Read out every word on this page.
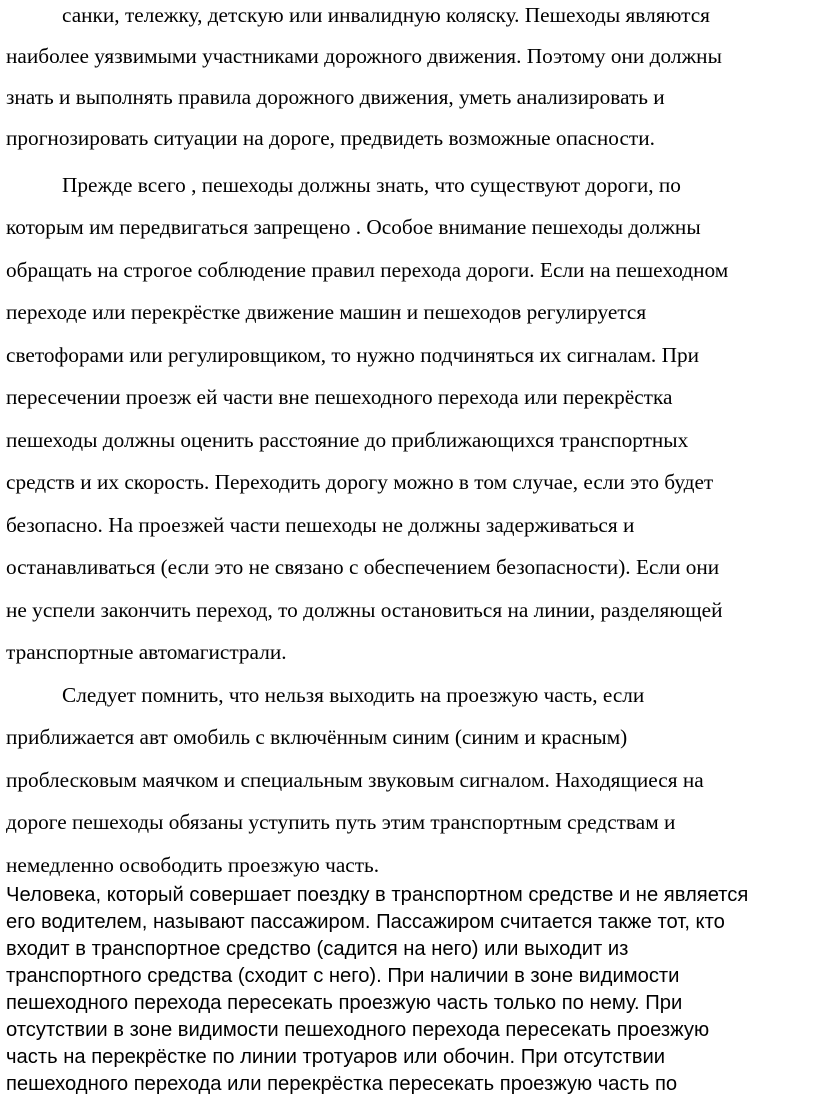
санки, тележку, детскую или инвалидную коляску. Пешеходы являются
наиболее уязвимыми участниками дорожного движения. Поэтому они должны
знать и выполнять правила дорожного движения, уметь анализировать и
прогнозировать ситуации на дороге, предвидеть возможные опасности.
Прежде всего , пешеходы должны знать, что существуют дороги, по
которым им передвигаться запрещено . Особое внимание пешеходы должны
обращать на строгое соблюдение правил перехода дороги. Если на пешеходном
переходе или перекрёстке движение машин и пешеходов регулируется
светофорами или регулировщиком, то нужно подчиняться их сигналам. При
пересечении проезж ей части вне пешеходного перехода или перекрёстка
пешеходы должны оценить расстояние до приближающихся транспортных
средств и их скорость. Переходить дорогу можно в том случае, если это будет
безопасно. На проезжей части пешеходы не должны задерживаться и
останавливаться (если это не связано с обеспечением безопасности). Если они
не успели закончить переход, то должны остановиться на линии, разделяющей
транспортные автомагистрали.
Следует помнить, что нельзя выходить на проезжую часть, если
приближается авт омобиль с включённым синим (синим и красным)
проблесковым маячком и специальным звуковым сигналом. Находящиеся на
дороге пешеходы обязаны уступить путь этим транспортным средствам и
немедленно освободить проезжую часть.
Человека, который совершает поездку в транспортном средстве и не является
его водителем, называют пассажиром. Пассажиром считается также тот, кто
входит в транспортное средство (садится на него) или выходит из
транспортного средства (сходит с него). При наличии в зоне видимости
пешеходного перехода пересекать проезжую часть только по нему. При
отсутствии в зоне видимости пешеходного перехода пересекать проезжую
часть на перекрёстке по линии тротуаров или обочин. При отсутствии
пешеходного перехода или перекрёстка пересекать проезжую часть по
